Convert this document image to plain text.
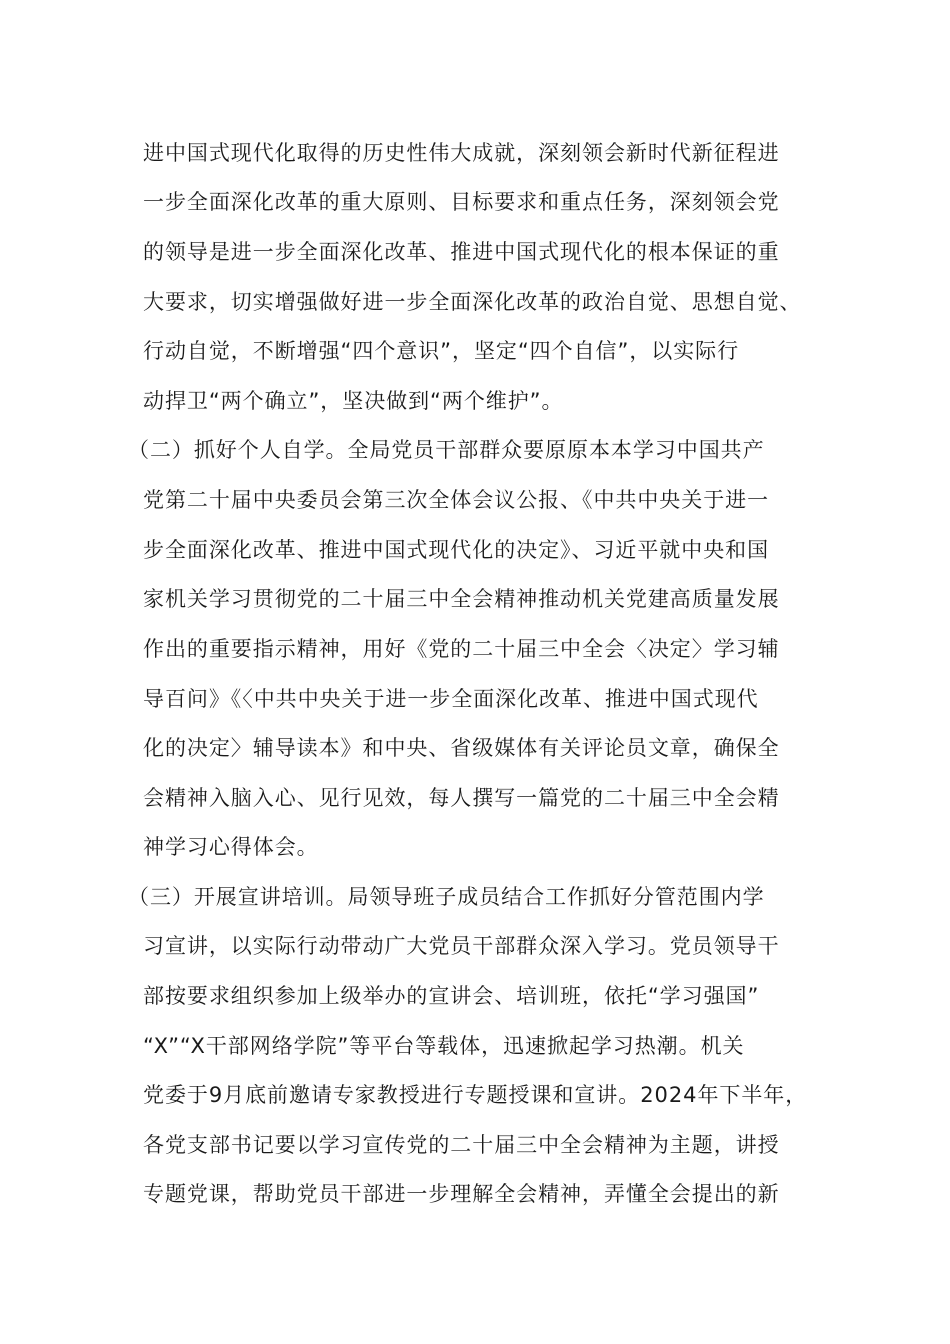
进中国式现代化取得的历史性伟大成就，深刻领会新时代新征程进
一步全面深化改革的重大原则、目标要求和重点任务，深刻领会党
的领导是进一步全面深化改革、推进中国式现代化的根本保证的重
大要求，切实增强做好进一步全面深化改革的政治自觉、思想自觉、
行动自觉，不断增强“四个意识”，坚定“四个自信”，以实际行
动捍卫“两个确立”，坚决做到“两个维护”。
（二）抓好个人自学。全局党员干部群众要原原本本学习中国共产
党第二十届中央委员会第三次全体会议公报、《中共中央关于进一
步全面深化改革、推进中国式现代化的决定》、习近平就中央和国
家机关学习贯彻党的二十届三中全会精神推动机关党建高质量发展
作出的重要指示精神，用好《党的二十届三中全会〈决定〉学习辅
导百问》《〈中共中央关于进一步全面深化改革、推进中国式现代
化的决定〉辅导读本》和中央、省级媒体有关评论员文章，确保全
会精神入脑入心、见行见效，每人撰写一篇党的二十届三中全会精
神学习心得体会。
（三）开展宣讲培训。局领导班子成员结合工作抓好分管范围内学
习宣讲，以实际行动带动广大党员干部群众深入学习。党员领导干
部按要求组织参加上级举办的宣讲会、培训班，依托“学习强国”
“X”“X干部网络学院”等平台等载体，迅速掀起学习热潮。机关
党委于9月底前邀请专家教授进行专题授课和宣讲。2024年下半年，
各党支部书记要以学习宣传党的二十届三中全会精神为主题，讲授
专题党课，帮助党员干部进一步理解全会精神，弄懂全会提出的新
